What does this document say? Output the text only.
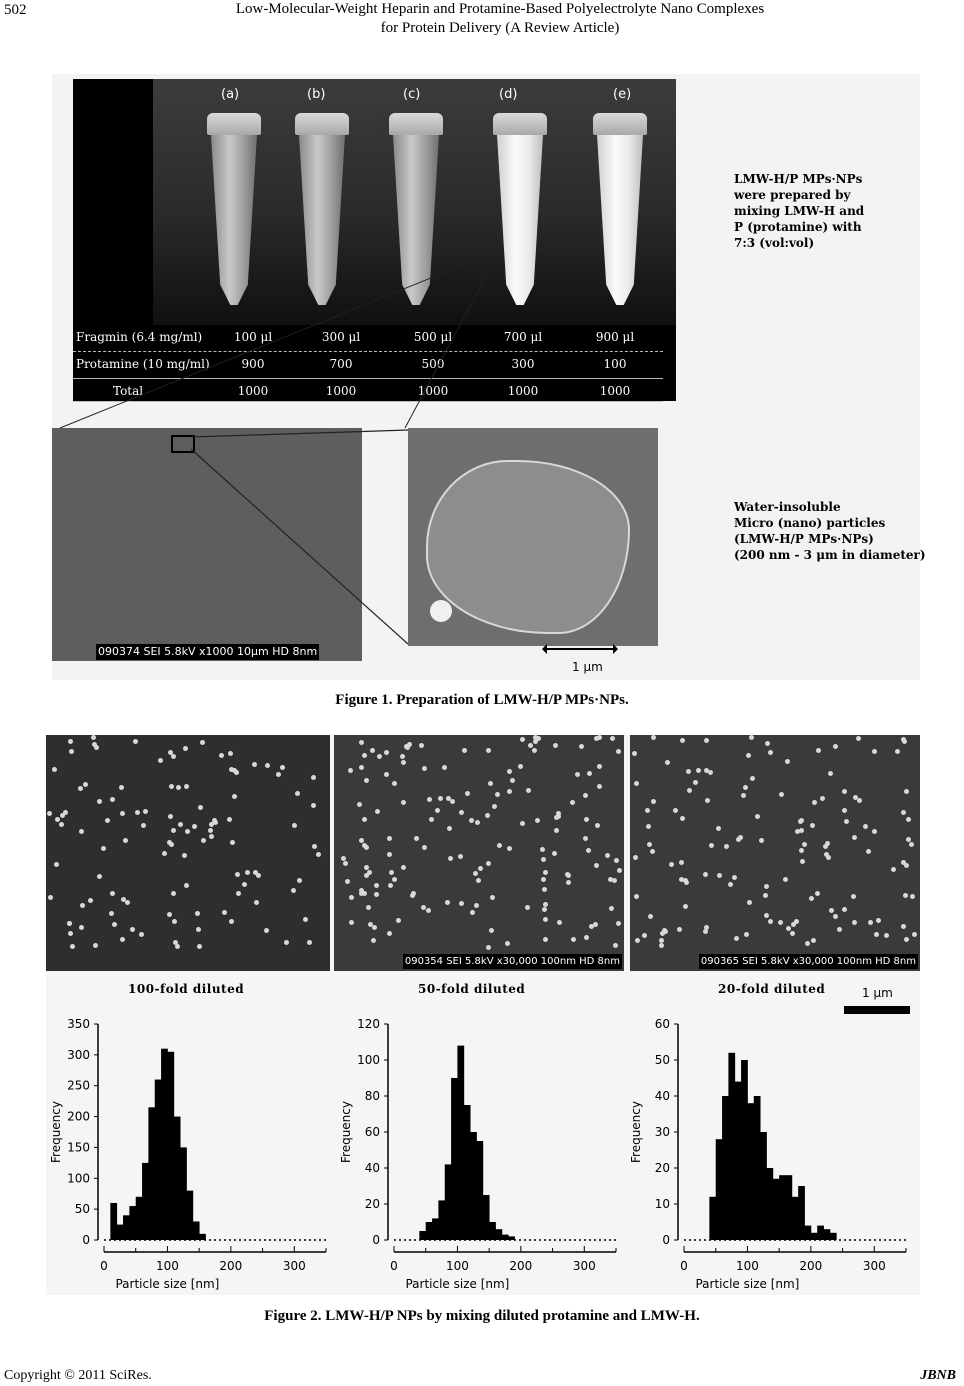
502	Low-Molecular-Weight Heparin and Protamine-Based Polyelectrolyte Nano Complexes
for Protein Delivery (A Review Article)
(a)	(b)	(c)	(d)	(e)
Fragmin (6.4 mg/ml)	100 μl	300 μl	500 μl	700 μl	900 μl
Protamine (10 mg/ml)	900	700	500	300	100
Total	1000	1000	1000	1000	1000
090374 SEI 5.8kV x1000 10μm HD 8nm
1 μm
LMW-H/P MPs·NPs
were prepared by
mixing LMW-H and
P (protamine) with
7:3 (vol:vol)
Water-insoluble
Micro (nano) particles
(LMW-H/P MPs·NPs)
(200 nm - 3 μm in diameter)
Figure 1. Preparation of LMW-H/P MPs·NPs.
090354 SEI 5.8kV x30,000 100nm HD 8nm	090365 SEI 5.8kV x30,000 100nm HD 8nm
100-fold diluted	50-fold diluted	20-fold diluted	1 μm
0
50
100
150
200
250
300
350
0	100	200	300
Particle size [nm]
Frequency
0
20
40
60
80
100
120
0	100	200	300
Particle size [nm]
Frequency
0
10
20
30
40
50
60
0	100	200	300
Particle size [nm]
Frequency
Figure 2. LMW-H/P NPs by mixing diluted protamine and LMW-H.
Copyright © 2011 SciRes.	JBNB
